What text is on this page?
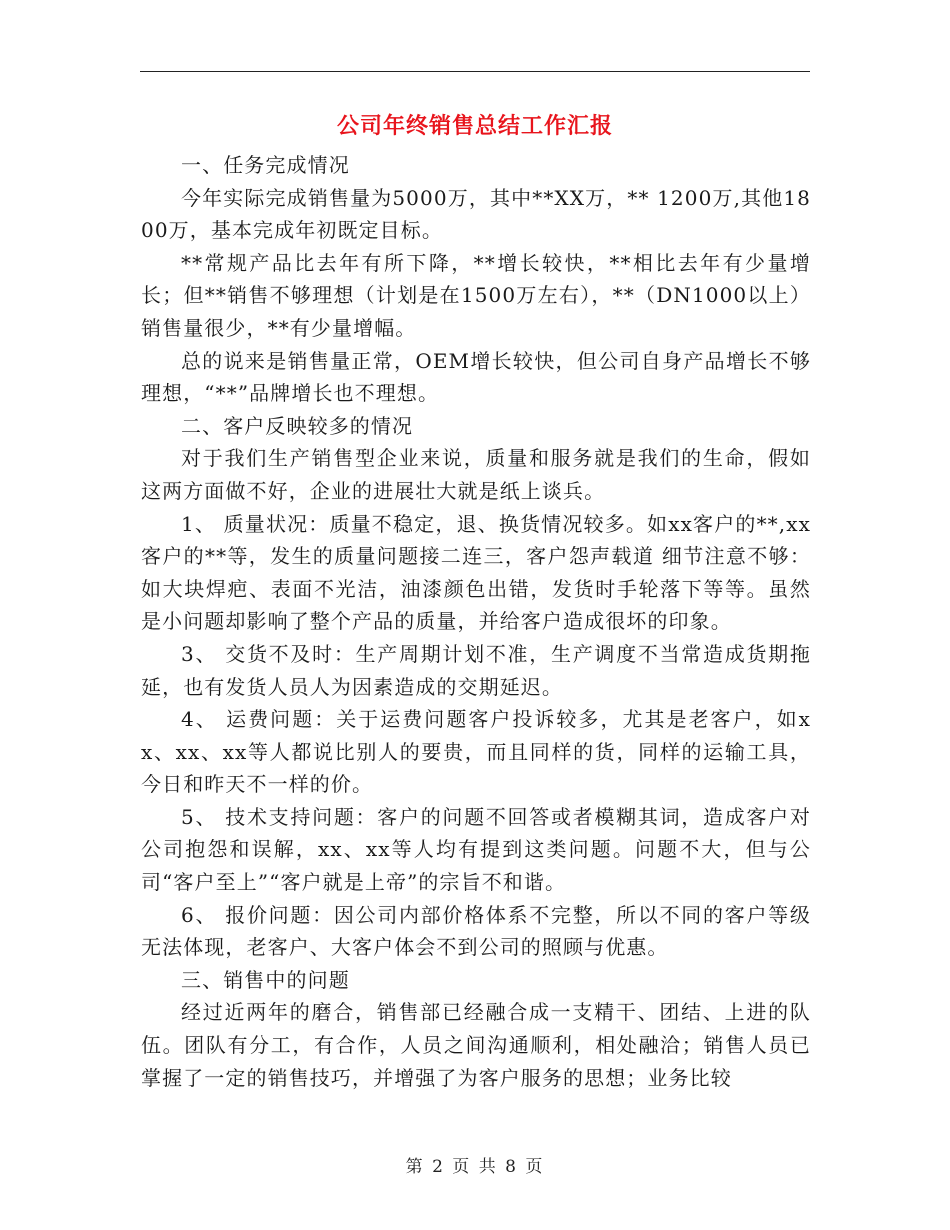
公司年终销售总结工作汇报

一、任务完成情况

今年实际完成销售量为5000万，其中**XX万，** 1200万,其他1800万，基本完成年初既定目标。

**常规产品比去年有所下降，**增长较快，**相比去年有少量增长；但**销售不够理想（计划是在1500万左右），**（DN1000以上）销售量很少，**有少量增幅。

总的说来是销售量正常，OEM增长较快，但公司自身产品增长不够理想，“**”品牌增长也不理想。

二、客户反映较多的情况

对于我们生产销售型企业来说，质量和服务就是我们的生命，假如这两方面做不好，企业的进展壮大就是纸上谈兵。

1、 质量状况：质量不稳定，退、换货情况较多。如xx客户的**,xx客户的**等，发生的质量问题接二连三，客户怨声载道 细节注意不够：如大块焊疤、表面不光洁，油漆颜色出错，发货时手轮落下等等。虽然是小问题却影响了整个产品的质量，并给客户造成很坏的印象。

3、 交货不及时：生产周期计划不准，生产调度不当常造成货期拖延，也有发货人员人为因素造成的交期延迟。

4、 运费问题：关于运费问题客户投诉较多，尤其是老客户，如xx、xx、xx等人都说比别人的要贵，而且同样的货，同样的运输工具，今日和昨天不一样的价。

5、 技术支持问题：客户的问题不回答或者模糊其词，造成客户对公司抱怨和误解，xx、xx等人均有提到这类问题。问题不大，但与公司“客户至上”“客户就是上帝”的宗旨不和谐。

6、 报价问题：因公司内部价格体系不完整，所以不同的客户等级无法体现，老客户、大客户体会不到公司的照顾与优惠。

三、销售中的问题

经过近两年的磨合，销售部已经融合成一支精干、团结、上进的队伍。团队有分工，有合作，人员之间沟通顺利，相处融洽；销售人员已掌握了一定的销售技巧，并增强了为客户服务的思想；业务比较

第 2 页 共 8 页
